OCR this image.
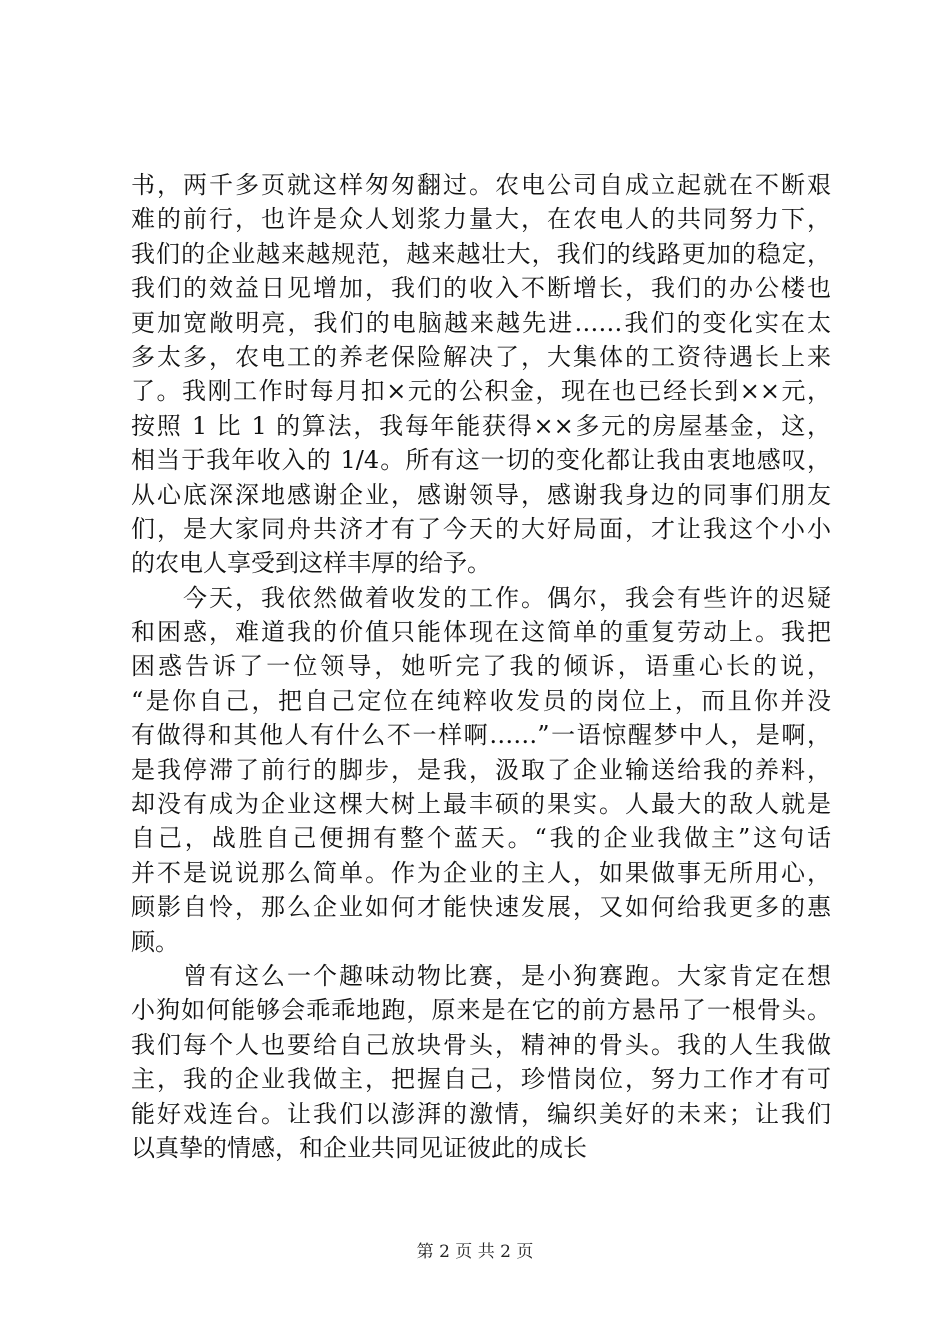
书，两千多页就这样匆匆翻过。农电公司自成立起就在不断艰
难的前行，也许是众人划浆力量大，在农电人的共同努力下，
我们的企业越来越规范，越来越壮大，我们的线路更加的稳定，
我们的效益日见增加，我们的收入不断增长，我们的办公楼也
更加宽敞明亮，我们的电脑越来越先进……我们的变化实在太
多太多，农电工的养老保险解决了，大集体的工资待遇长上来
了。我刚工作时每月扣×元的公积金，现在也已经长到××元，
按照 1 比 1 的算法，我每年能获得××多元的房屋基金，这，
相当于我年收入的 1/4。所有这一切的变化都让我由衷地感叹，
从心底深深地感谢企业，感谢领导，感谢我身边的同事们朋友
们，是大家同舟共济才有了今天的大好局面，才让我这个小小
的农电人享受到这样丰厚的给予。
　　今天，我依然做着收发的工作。偶尔，我会有些许的迟疑
和困惑，难道我的价值只能体现在这简单的重复劳动上。我把
困惑告诉了一位领导，她听完了我的倾诉，语重心长的说，
“是你自己，把自己定位在纯粹收发员的岗位上，而且你并没
有做得和其他人有什么不一样啊……”一语惊醒梦中人，是啊，
是我停滞了前行的脚步，是我，汲取了企业输送给我的养料，
却没有成为企业这棵大树上最丰硕的果实。人最大的敌人就是
自己，战胜自己便拥有整个蓝天。“我的企业我做主”这句话
并不是说说那么简单。作为企业的主人，如果做事无所用心，
顾影自怜，那么企业如何才能快速发展，又如何给我更多的惠
顾。
　　曾有这么一个趣味动物比赛，是小狗赛跑。大家肯定在想
小狗如何能够会乖乖地跑，原来是在它的前方悬吊了一根骨头。
我们每个人也要给自己放块骨头，精神的骨头。我的人生我做
主，我的企业我做主，把握自己，珍惜岗位，努力工作才有可
能好戏连台。让我们以澎湃的激情，编织美好的未来；让我们
以真挚的情感，和企业共同见证彼此的成长
第 2 页 共 2 页
